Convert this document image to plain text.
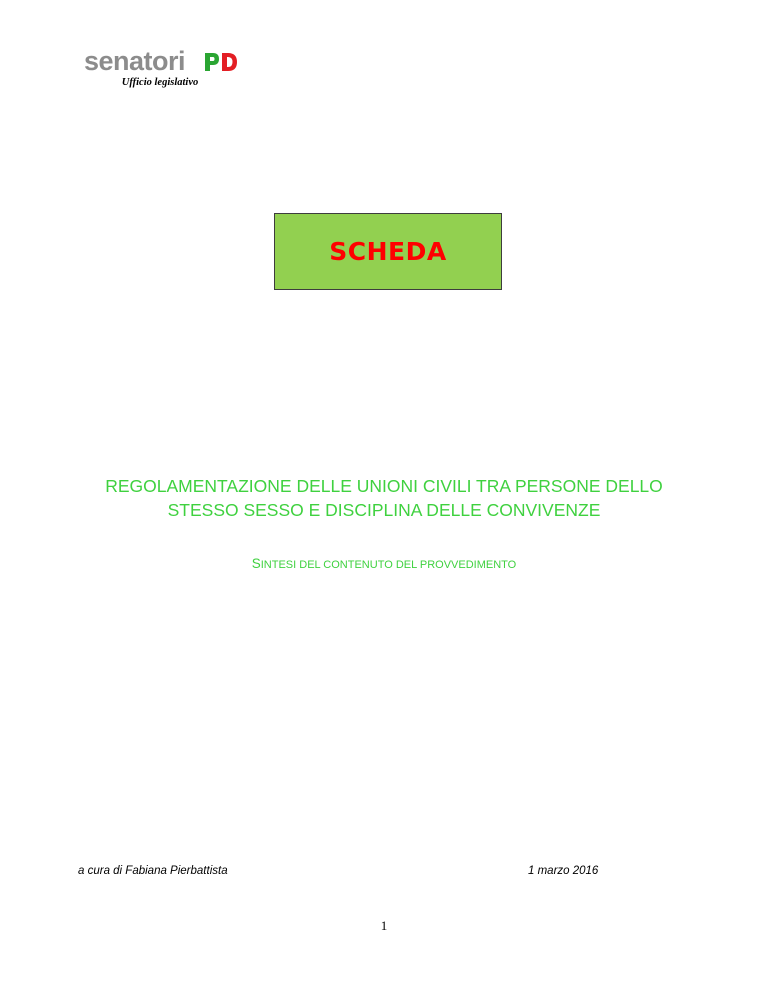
senatori
Ufficio legislativo
SCHEDA
REGOLAMENTAZIONE DELLE UNIONI CIVILI TRA PERSONE DELLO
STESSO SESSO E DISCIPLINA DELLE CONVIVENZE
SINTESI DEL CONTENUTO DEL PROVVEDIMENTO
a cura di Fabiana Pierbattista	1 marzo 2016
1
